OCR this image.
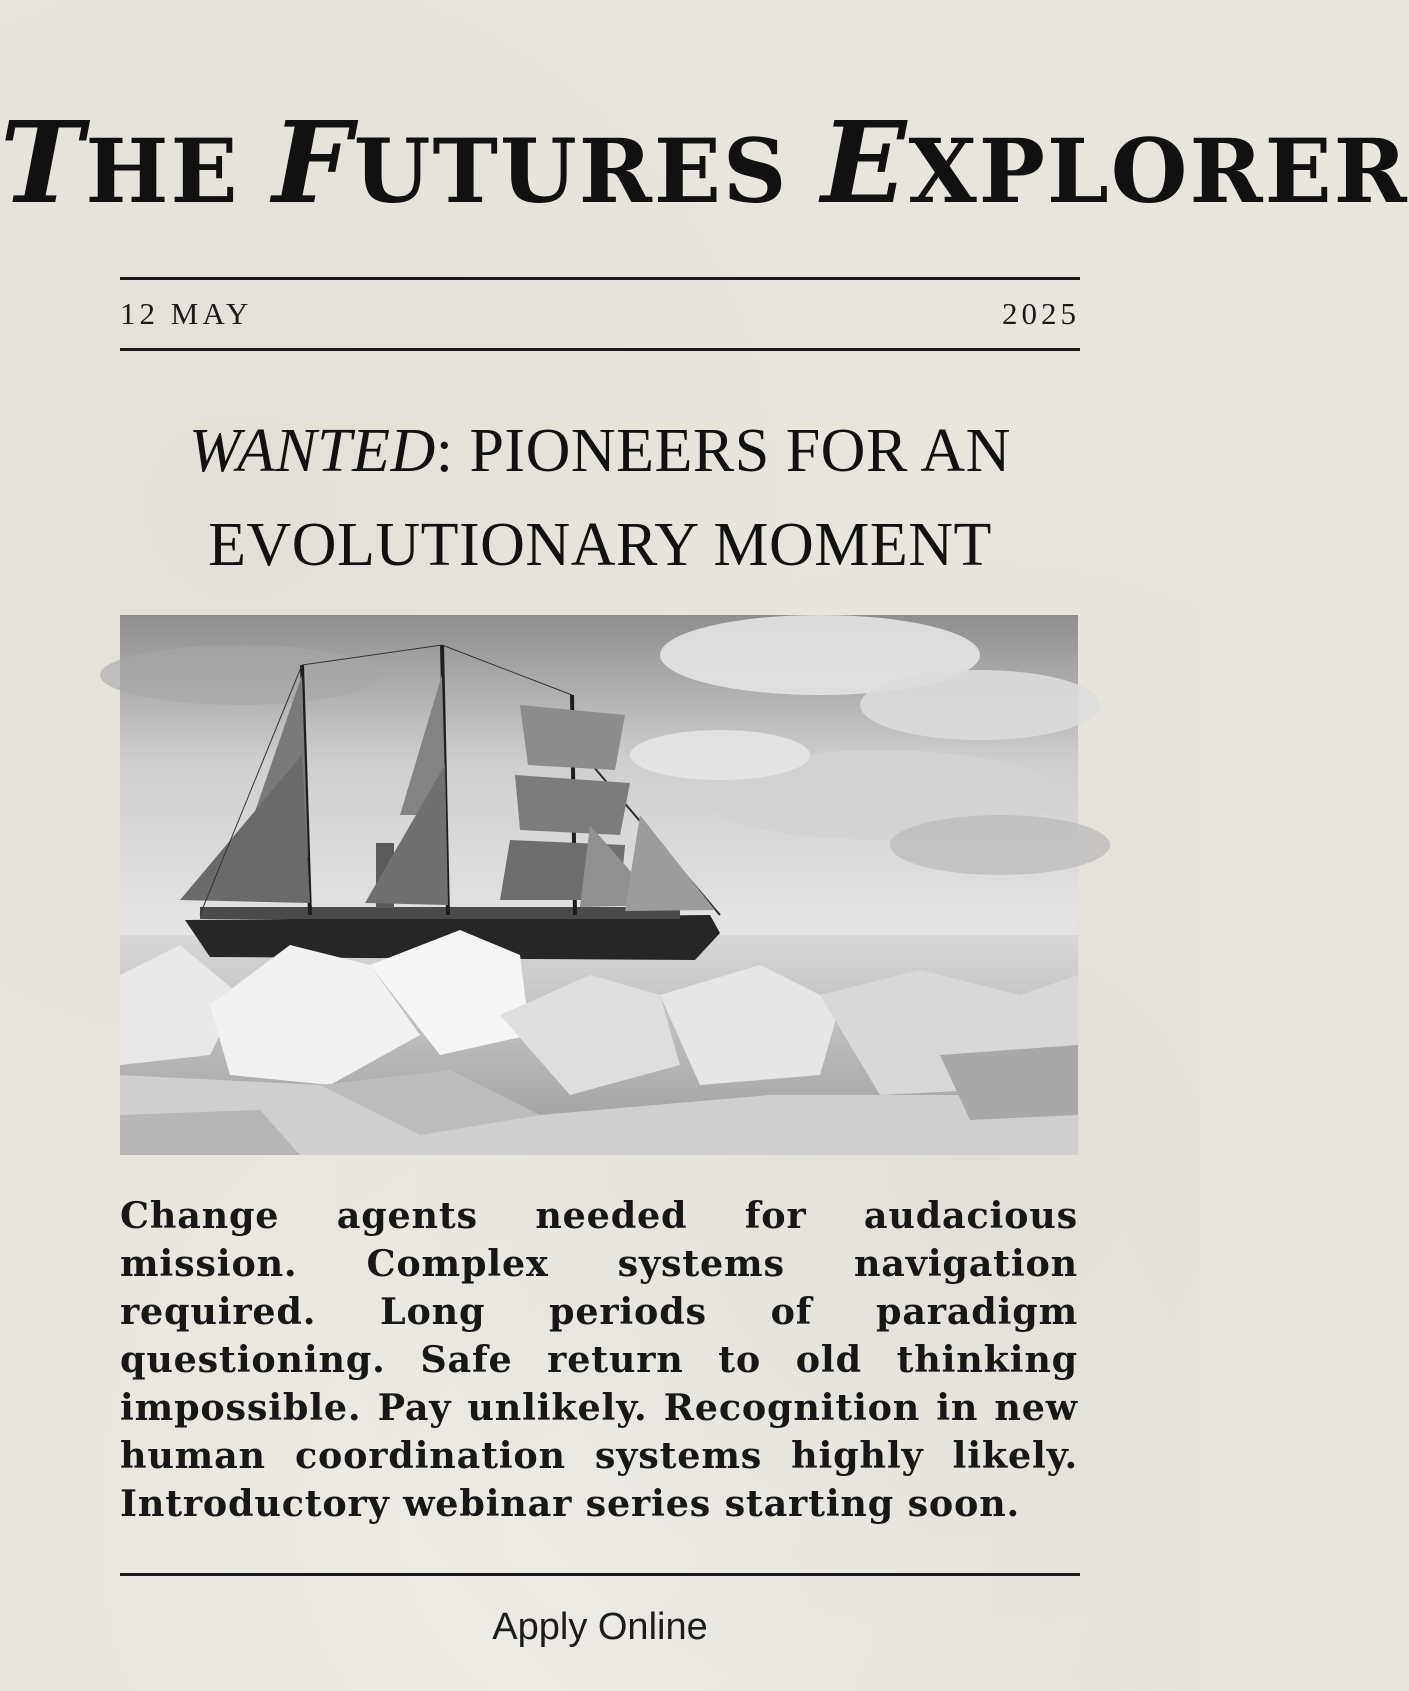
THE FUTURES EXPLORER
12 MAY	2025
WANTED: PIONEERS FOR AN
EVOLUTIONARY MOMENT
Change agents needed for audacious mission. Complex systems navigation required. Long periods of paradigm questioning. Safe return to old thinking impossible. Pay unlikely. Recognition in new human coordination systems highly likely. Introductory webinar series starting soon.
Apply Online
